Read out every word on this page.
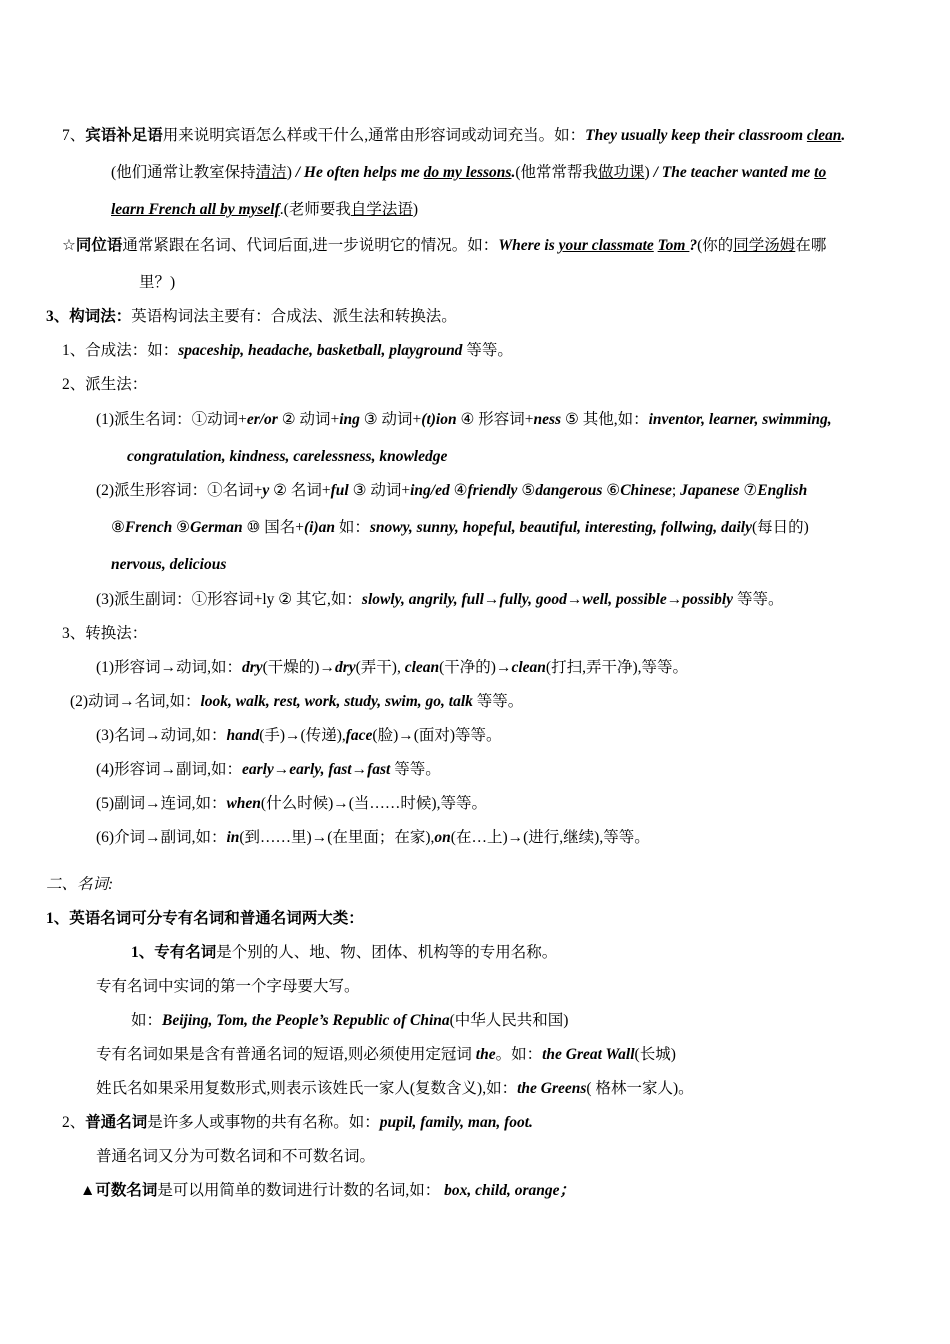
7、宾语补足语用来说明宾语怎么样或干什么,通常由形容词或动词充当。如：They usually keep their classroom clean.
(他们通常让教室保持清洁) / He often helps me do my lessons.(他常常帮我做功课) / The teacher wanted me to
learn French all by myself.(老师要我自学法语)
☆同位语通常紧跟在名词、代词后面,进一步说明它的情况。如：Where is your classmate Tom ?(你的同学汤姆在哪
里？)
3、构词法：英语构词法主要有：合成法、派生法和转换法。
1、合成法：如：spaceship, headache, basketball, playground 等等。
2、派生法：
(1)派生名词：①动词+er/or ② 动词+ing ③ 动词+(t)ion ④ 形容词+ness ⑤ 其他,如：inventor, learner, swimming,
congratulation, kindness, carelessness, knowledge
(2)派生形容词：①名词+y ② 名词+ful ③ 动词+ing/ed ④friendly ⑤dangerous ⑥Chinese; Japanese ⑦English
⑧French ⑨German ⑩ 国名+(i)an 如：snowy, sunny, hopeful, beautiful, interesting, follwing, daily(每日的)
nervous, delicious
(3)派生副词：①形容词+ly ② 其它,如：slowly, angrily, full→fully, good→well, possible→possibly 等等。
3、转换法：
(1)形容词→动词,如：dry(干燥的)→dry(弄干), clean(干净的)→clean(打扫,弄干净),等等。
(2)动词→名词,如：look, walk, rest, work, study, swim, go, talk 等等。
(3)名词→动词,如：hand(手)→(传递),face(脸)→(面对)等等。
(4)形容词→副词,如：early→early, fast→fast 等等。
(5)副词→连词,如：when(什么时候)→(当……时候),等等。
(6)介词→副词,如：in(到……里)→(在里面；在家),on(在…上)→(进行,继续),等等。
二、名词:
1、英语名词可分专有名词和普通名词两大类：
1、专有名词是个别的人、地、物、团体、机构等的专用名称。
专有名词中实词的第一个字母要大写。
如：Beijing, Tom, the People’s Republic of China(中华人民共和国)
专有名词如果是含有普通名词的短语,则必须使用定冠词 the。如：the Great Wall(长城)
姓氏名如果采用复数形式,则表示该姓氏一家人(复数含义),如：the Greens( 格林一家人)。
2、普通名词是许多人或事物的共有名称。如：pupil, family, man, foot.
普通名词又分为可数名词和不可数名词。
▲可数名词是可以用简单的数词进行计数的名词,如： box, child, orange；
